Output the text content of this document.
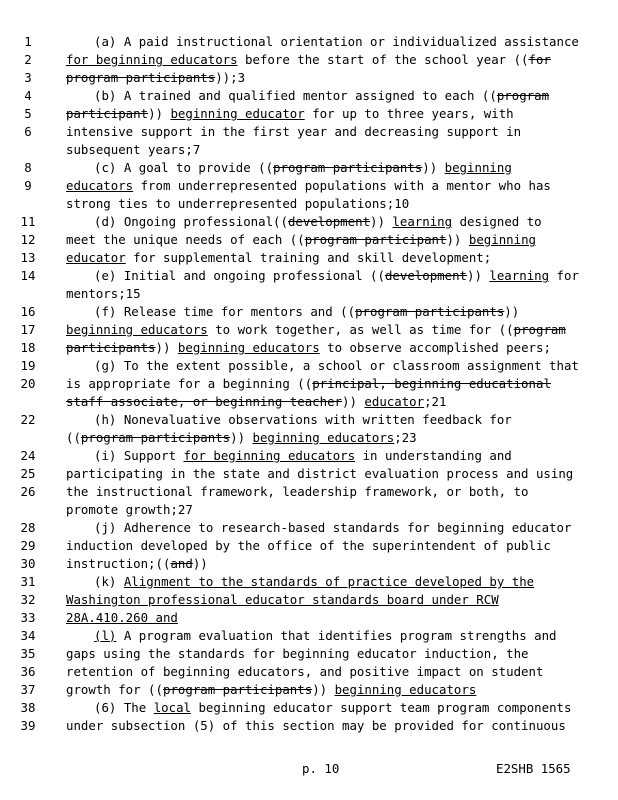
1	(a) A paid instructional orientation or individualized assistance
2	for beginning educators before the start of the school year ((for
3	program participants));3
4	(b) A trained and qualified mentor assigned to each ((program
5	participant)) beginning educator for up to three years, with
6	intensive support in the first year and decreasing support in
subsequent years;7
8	(c) A goal to provide ((program participants)) beginning
9	educators from underrepresented populations with a mentor who has
strong ties to underrepresented populations;10
11	(d) Ongoing professional((development)) learning designed to
12	meet the unique needs of each ((program participant)) beginning
13	educator for supplemental training and skill development;
14	(e) Initial and ongoing professional ((development)) learning for
mentors;15
16	(f) Release time for mentors and ((program participants))
17	beginning educators to work together, as well as time for ((program
18	participants)) beginning educators to observe accomplished peers;
19	(g) To the extent possible, a school or classroom assignment that
20	is appropriate for a beginning ((principal, beginning educational
staff associate, or beginning teacher)) educator;21
22	(h) Nonevaluative observations with written feedback for
((program participants)) beginning educators;23
24	(i) Support for beginning educators in understanding and
25	participating in the state and district evaluation process and using
26	the instructional framework, leadership framework, or both, to
promote growth;27
28	(j) Adherence to research-based standards for beginning educator
29	induction developed by the office of the superintendent of public
30	instruction;((and))
31	(k) Alignment to the standards of practice developed by the
32	Washington professional educator standards board under RCW
33	28A.410.260 and
34	(l) A program evaluation that identifies program strengths and
35	gaps using the standards for beginning educator induction, the
36	retention of beginning educators, and positive impact on student
37	growth for ((program participants)) beginning educators
38	(6) The local beginning educator support team program components
39	under subsection (5) of this section may be provided for continuous
p. 10	E2SHB 1565
